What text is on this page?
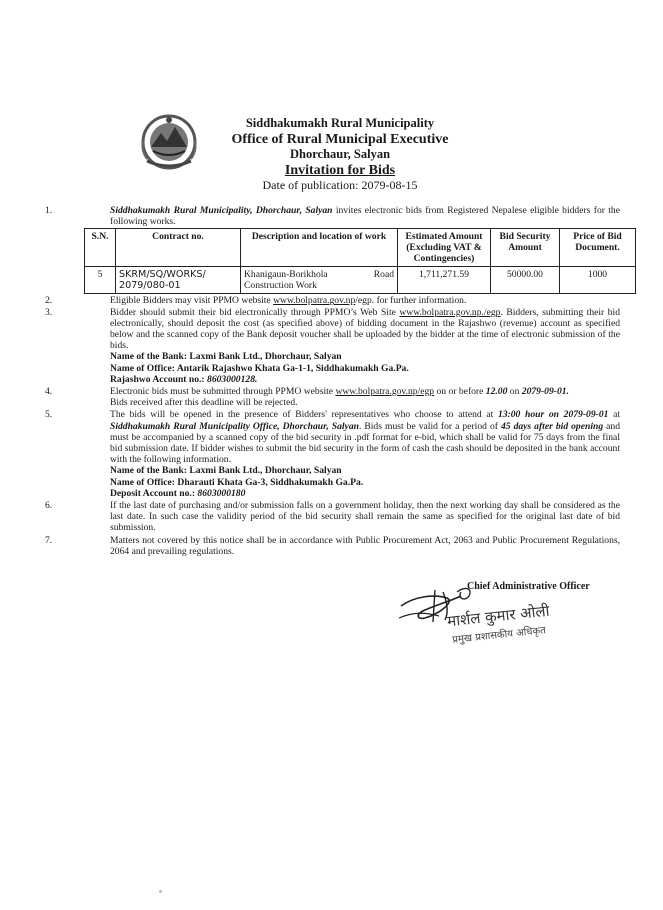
Siddhakumakh Rural Municipality
Office of Rural Municipal Executive
Dhorchaur, Salyan
Invitation for Bids
Date of publication: 2079-08-15
1.	Siddhakumakh Rural Municipality, Dhorchaur, Salyan invites electronic bids from Registered Nepalese eligible bidders for the following works.
S.N.	Contract no.	Description and location of work	Estimated Amount (Excluding VAT & Contingencies)	Bid Security Amount	Price of Bid Document.
5	SKRM/SQ/WORKS/ 2079/080-01	Khanigaun-Borikhola Road Construction Work	1,711,271.59	50000.00	1000
2.	Eligible Bidders may visit PPMO website www.bolpatra.gov.np/egp. for further information.
3.	Bidder should submit their bid electronically through PPMO’s Web Site www.bolpatra.gov.np./egp. Bidders, submitting their bid electronically, should deposit the cost (as specified above) of bidding document in the Rajashwo (revenue) account as specified below and the scanned copy of the Bank deposit voucher shall be uploaded by the bidder at the time of electronic submission of the bids.
Name of the Bank: Laxmi Bank Ltd., Dhorchaur, Salyan
Name of Office: Antarik Rajashwo Khata Ga-1-1, Siddhakumakh Ga.Pa.
Rajashwo Account no.: 8603000128.
4.	Electronic bids must be submitted through PPMO website www.bolpatra.gov.np/egp on or before 12.00 on 2079-09-01.
Bids received after this deadline will be rejected.
5.	The bids will be opened in the presence of Bidders' representatives who choose to attend at 13:00 hour on 2079-09-01 at Siddhakumakh Rural Municipality Office, Dhorchaur, Salyan. Bids must be valid for a period of 45 days after bid opening and must be accompanied by a scanned copy of the bid security in .pdf format for e-bid, which shall be valid for 75 days from the final bid submission date. If bidder wishes to submit the bid security in the form of cash the cash should be deposited in the bank account with the following information.
Name of the Bank: Laxmi Bank Ltd., Dhorchaur, Salyan
Name of Office: Dharauti Khata Ga-3, Siddhakumakh Ga.Pa.
Deposit Account no.: 8603000180
6.	If the last date of purchasing and/or submission falls on a government holiday, then the next working day shall be considered as the last date. In such case the validity period of the bid security shall remain the same as specified for the original last date of bid submission.
7.	Matters not covered by this notice shall be in accordance with Public Procurement Act, 2063 and Public Procurement Regulations, 2064 and prevailing regulations.
Chief Administrative Officer
मार्शल कुमार ओली
प्रमुख प्रशासकीय अधिकृत
